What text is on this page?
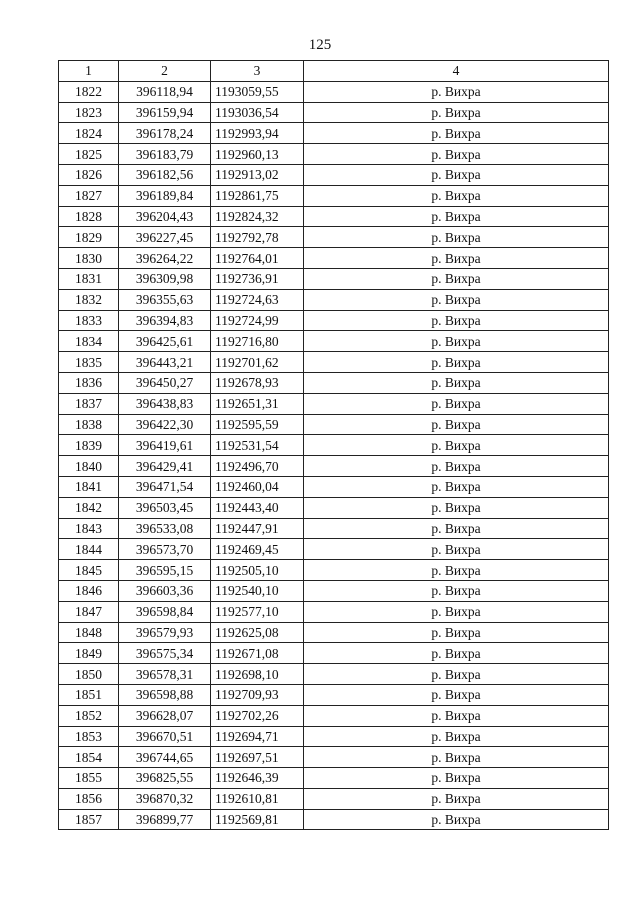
125
1	2	3	4
1822	396118,94	1193059,55	р. Вихра
1823	396159,94	1193036,54	р. Вихра
1824	396178,24	1192993,94	р. Вихра
1825	396183,79	1192960,13	р. Вихра
1826	396182,56	1192913,02	р. Вихра
1827	396189,84	1192861,75	р. Вихра
1828	396204,43	1192824,32	р. Вихра
1829	396227,45	1192792,78	р. Вихра
1830	396264,22	1192764,01	р. Вихра
1831	396309,98	1192736,91	р. Вихра
1832	396355,63	1192724,63	р. Вихра
1833	396394,83	1192724,99	р. Вихра
1834	396425,61	1192716,80	р. Вихра
1835	396443,21	1192701,62	р. Вихра
1836	396450,27	1192678,93	р. Вихра
1837	396438,83	1192651,31	р. Вихра
1838	396422,30	1192595,59	р. Вихра
1839	396419,61	1192531,54	р. Вихра
1840	396429,41	1192496,70	р. Вихра
1841	396471,54	1192460,04	р. Вихра
1842	396503,45	1192443,40	р. Вихра
1843	396533,08	1192447,91	р. Вихра
1844	396573,70	1192469,45	р. Вихра
1845	396595,15	1192505,10	р. Вихра
1846	396603,36	1192540,10	р. Вихра
1847	396598,84	1192577,10	р. Вихра
1848	396579,93	1192625,08	р. Вихра
1849	396575,34	1192671,08	р. Вихра
1850	396578,31	1192698,10	р. Вихра
1851	396598,88	1192709,93	р. Вихра
1852	396628,07	1192702,26	р. Вихра
1853	396670,51	1192694,71	р. Вихра
1854	396744,65	1192697,51	р. Вихра
1855	396825,55	1192646,39	р. Вихра
1856	396870,32	1192610,81	р. Вихра
1857	396899,77	1192569,81	р. Вихра
